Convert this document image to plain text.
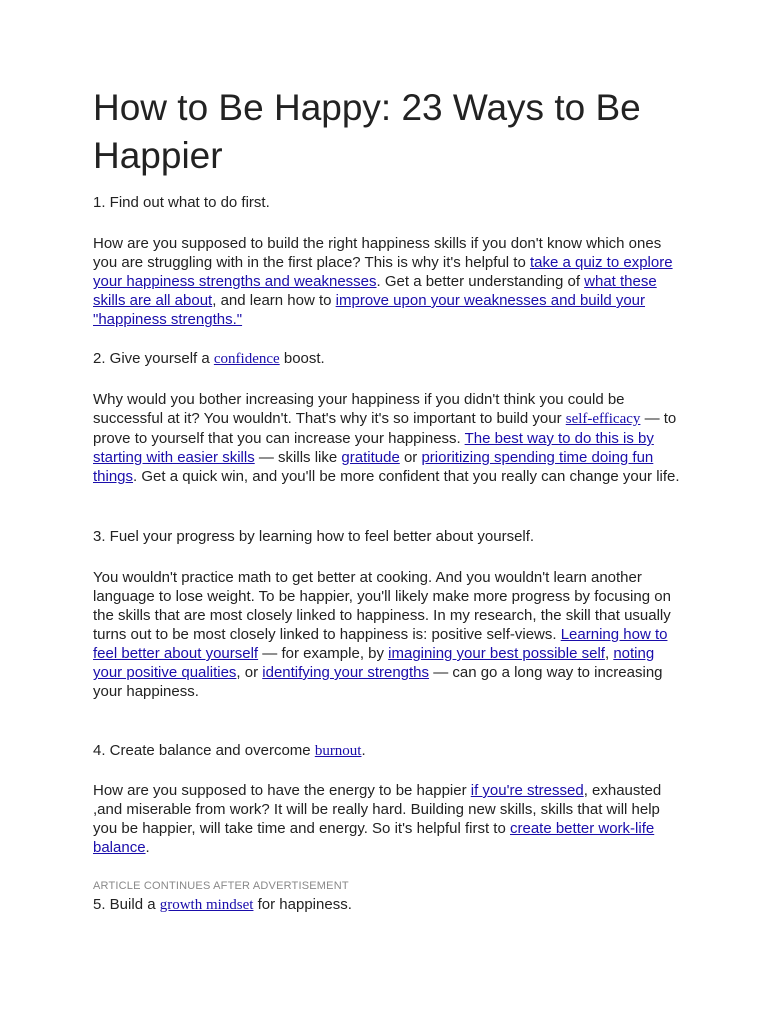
How to Be Happy: 23 Ways to Be Happier

1. Find out what to do first.

How are you supposed to build the right happiness skills if you don't know which ones you are struggling with in the first place? This is why it's helpful to take a quiz to explore your happiness strengths and weaknesses. Get a better understanding of what these skills are all about, and learn how to improve upon your weaknesses and build your "happiness strengths."

2. Give yourself a confidence boost.

Why would you bother increasing your happiness if you didn't think you could be successful at it? You wouldn't. That's why it's so important to build your self-efficacy — to prove to yourself that you can increase your happiness. The best way to do this is by starting with easier skills — skills like gratitude or prioritizing spending time doing fun things. Get a quick win, and you'll be more confident that you really can change your life.

3. Fuel your progress by learning how to feel better about yourself.

You wouldn't practice math to get better at cooking. And you wouldn't learn another language to lose weight. To be happier, you'll likely make more progress by focusing on the skills that are most closely linked to happiness. In my research, the skill that usually turns out to be most closely linked to happiness is: positive self-views. Learning how to feel better about yourself — for example, by imagining your best possible self, noting your positive qualities, or identifying your strengths — can go a long way to increasing your happiness.

4. Create balance and overcome burnout.

How are you supposed to have the energy to be happier if you're stressed, exhausted ,and miserable from work? It will be really hard. Building new skills, skills that will help you be happier, will take time and energy. So it's helpful first to create better work-life balance.

ARTICLE CONTINUES AFTER ADVERTISEMENT

5. Build a growth mindset for happiness.
